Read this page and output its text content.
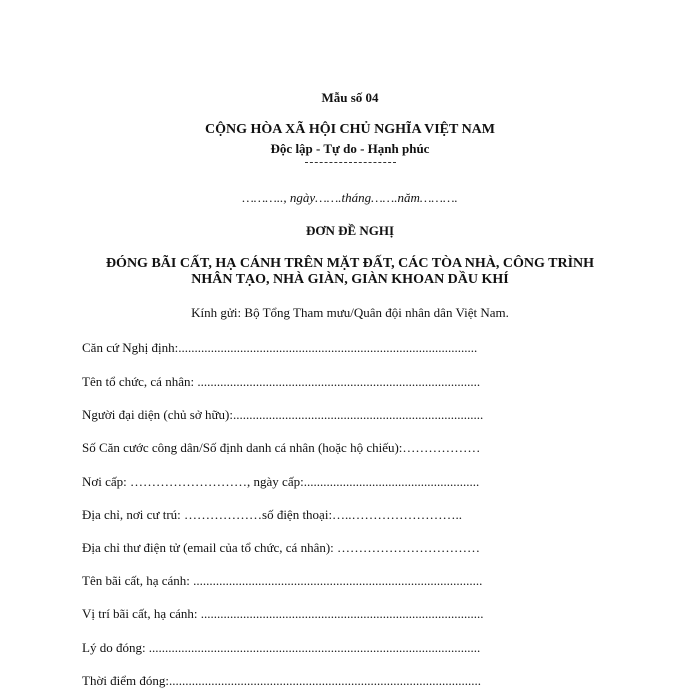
Mẫu số 04
CỘNG HÒA XÃ HỘI CHỦ NGHĨA VIỆT NAM
Độc lập - Tự do - Hạnh phúc
……….., ngày…….tháng…….năm……….
ĐƠN ĐỀ NGHỊ
ĐÓNG BÃI CẤT, HẠ CÁNH TRÊN MẶT ĐẤT, CÁC TÒA NHÀ, CÔNG TRÌNH
NHÂN TẠO, NHÀ GIÀN, GIÀN KHOAN DẦU KHÍ
Kính gửi: Bộ Tổng Tham mưu/Quân đội nhân dân Việt Nam.
Căn cứ Nghị định:............................................................................................
Tên tổ chức, cá nhân: .......................................................................................
Người đại diện (chủ sở hữu):.............................................................................
Số Căn cước công dân/Số định danh cá nhân (hoặc hộ chiếu):………………
Nơi cấp: ………………………, ngày cấp:......................................................
Địa chỉ, nơi cư trú: ………………số điện thoại:…..……………………..
Địa chỉ thư điện tử (email của tổ chức, cá nhân): ……………………………
Tên bãi cất, hạ cánh: .........................................................................................
Vị trí bãi cất, hạ cánh: .......................................................................................
Lý do đóng: ......................................................................................................
Thời điểm đóng:................................................................................................
